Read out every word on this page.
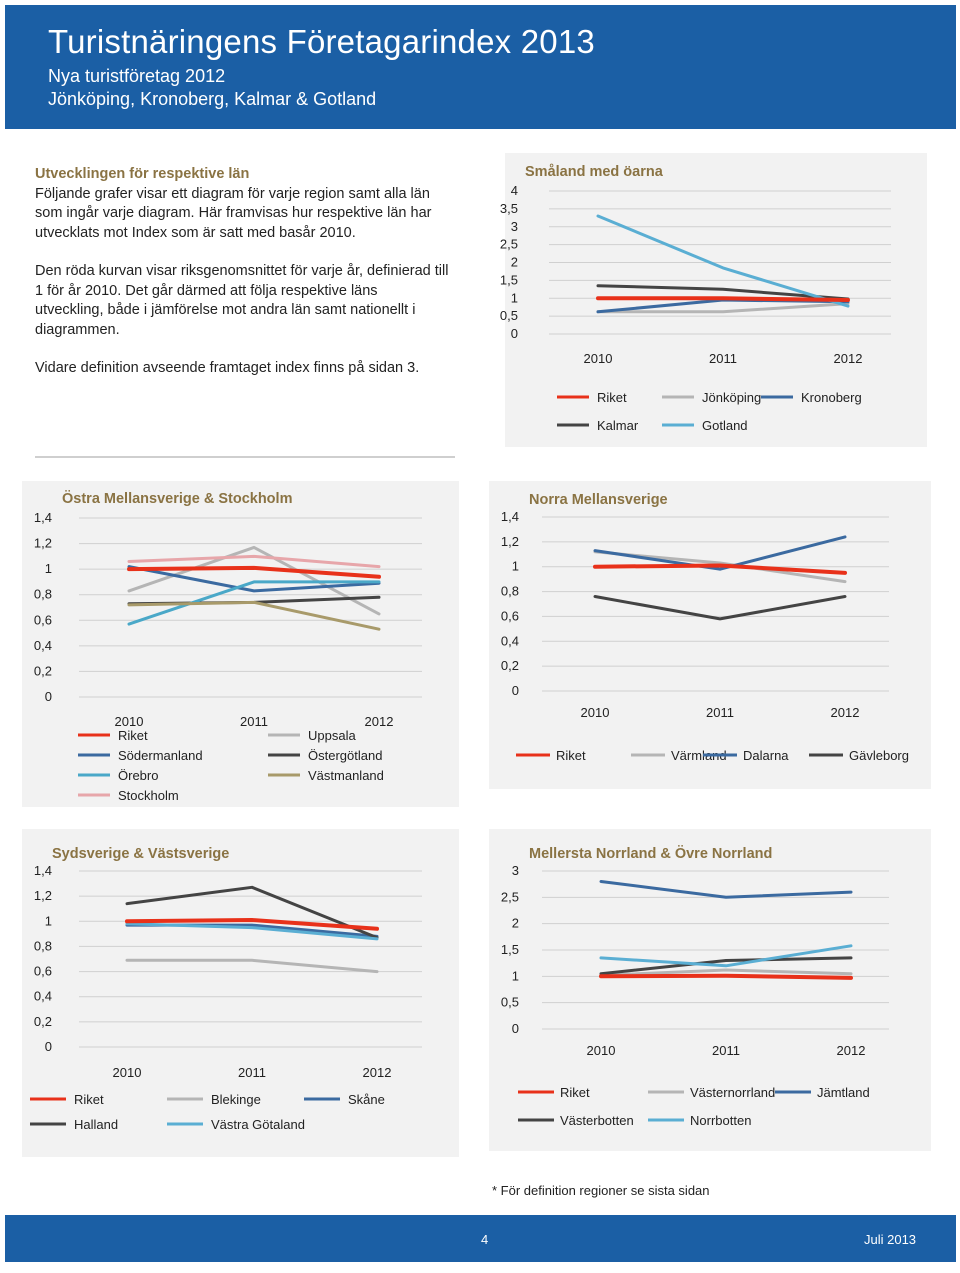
Turistnäringens Företagarindex 2013
Nya turistföretag 2012
Jönköping, Kronoberg, Kalmar & Gotland

Utvecklingen för respektive län

Följande grafer visar ett diagram för varje region samt alla län som ingår varje diagram. Här framvisas hur respektive län har utvecklats mot Index som är satt med basår 2010.

Den röda kurvan visar riksgenomsnittet för varje år, definierad till 1 för år 2010. Det går därmed att följa respektive läns utveckling, både i jämförelse mot andra län samt nationellt i diagrammen.

Vidare definition avseende framtaget index finns på sidan 3.

Småland med öarna
0
0,5
1
1,5
2
2,5
3
3,5
4
2010	2011	2012
Riket	Jönköping	Kronoberg
Kalmar	Gotland
Östra Mellansverige & Stockholm
0
0,2
0,4
0,6
0,8
1
1,2
1,4
2010	2011	2012
Riket	Uppsala
Södermanland	Östergötland
Örebro	Västmanland
Stockholm
Norra Mellansverige
0
0,2
0,4
0,6
0,8
1
1,2
1,4
2010	2011	2012
Riket	Värmland Dalarna	Gävleborg
Sydsverige & Västsverige
0
0,2
0,4
0,6
0,8
1
1,2
1,4
2010	2011	2012
Riket	Blekinge	Skåne
Halland	Västra Götaland
Mellersta Norrland & Övre Norrland
0
0,5
1
1,5
2
2,5
3
2010	2011	2012
Riket	Västernorrland	Jämtland
Västerbotten	Norrbotten
* För definition regioner se sista sidan
4	Juli 2013
